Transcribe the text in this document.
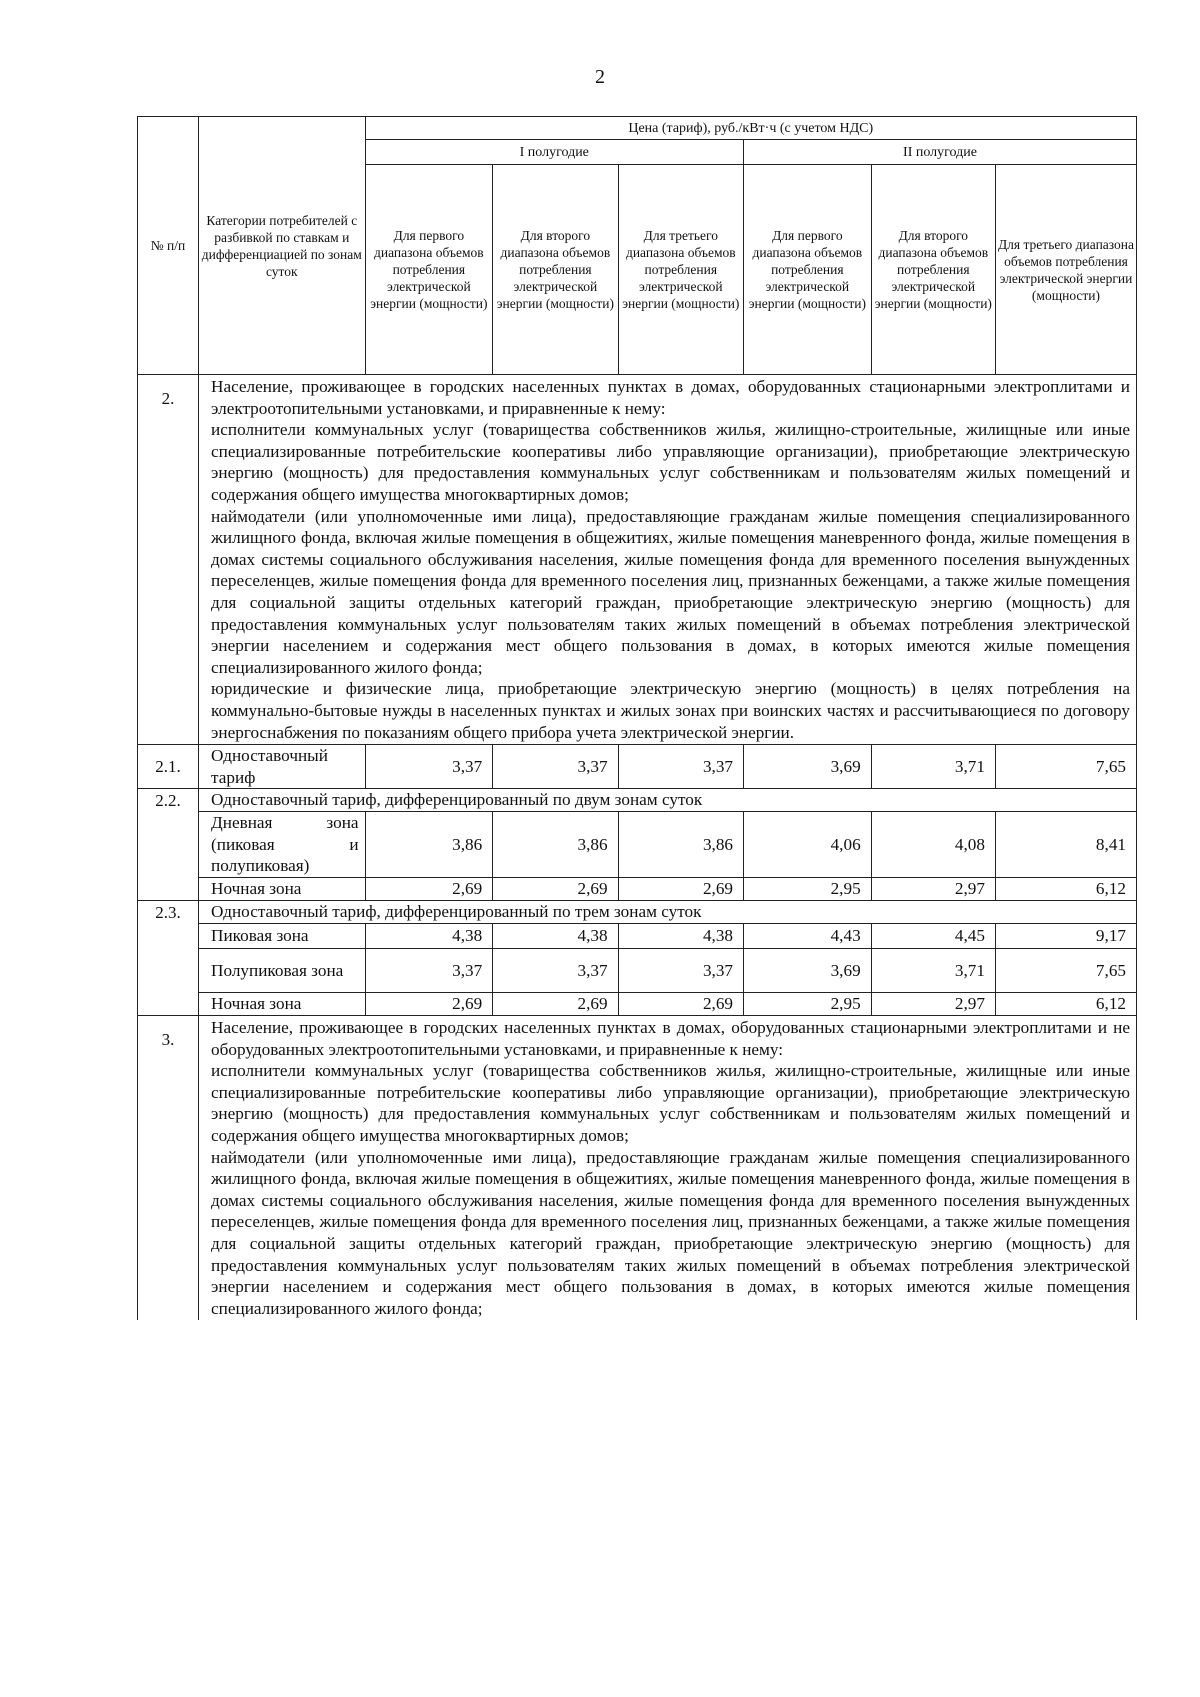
2
№ п/п	Категории потребителей с разбивкой по ставкам и дифференциацией по зонам суток	Цена (тариф), руб./кВт·ч (с учетом НДС)					
		I полугодие			II полугодие		
		Для первого диапазона объемов потребления электрической энергии (мощности)	Для второго диапазона объемов потребления электрической энергии (мощности)	Для третьего диапазона объемов потребления электрической энергии (мощности)	Для первого диапазона объемов потребления электрической энергии (мощности)	Для второго диапазона объемов потребления электрической энергии (мощности)	Для третьего диапазона объемов потребления электрической энергии (мощности)
2.	Население, проживающее в городских населенных пунктах в домах, оборудованных стационарными электроплитами и электроотопительными установками, и приравненные к нему:

исполнители коммунальных услуг (товарищества собственников жилья, жилищно-строительные, жилищные или иные специализированные потребительские кооперативы либо управляющие организации), приобретающие электрическую энергию (мощность) для предоставления коммунальных услуг собственникам и пользователям жилых помещений и содержания общего имущества многоквартирных домов;

наймодатели (или уполномоченные ими лица), предоставляющие гражданам жилые помещения специализированного жилищного фонда, включая жилые помещения в общежитиях, жилые помещения маневренного фонда, жилые помещения в домах системы социального обслуживания населения, жилые помещения фонда для временного поселения вынужденных переселенцев, жилые помещения фонда для временного поселения лиц, признанных беженцами, а также жилые помещения для социальной защиты отдельных категорий граждан, приобретающие электрическую энергию (мощность) для предоставления коммунальных услуг пользователям таких жилых помещений в объемах потребления электрической энергии населением и содержания мест общего пользования в домах, в которых имеются жилые помещения специализированного жилого фонда;

юридические и физические лица, приобретающие электрическую энергию (мощность) в целях потребления на коммунально-бытовые нужды в населенных пунктах и жилых зонах при воинских частях и рассчитывающиеся по договору энергоснабжения по показаниям общего прибора учета электрической энергии.						

2.1.	Одноставочный тариф	3,37	3,37	3,37	3,69	3,71	7,65
2.2.	Одноставочный тариф, дифференцированный по двум зонам суток						
	Дневная зона (пиковая и полупиковая)	3,86	3,86	3,86	4,06	4,08	8,41
	Ночная зона	2,69	2,69	2,69	2,95	2,97	6,12
2.3.	Одноставочный тариф, дифференцированный по трем зонам суток						
	Пиковая зона	4,38	4,38	4,38	4,43	4,45	9,17
	Полупиковая зона	3,37	3,37	3,37	3,69	3,71	7,65
	Ночная зона	2,69	2,69	2,69	2,95	2,97	6,12
3.	Население, проживающее в городских населенных пунктах в домах, оборудованных стационарными электроплитами и не оборудованных электроотопительными установками, и приравненные к нему:

исполнители коммунальных услуг (товарищества собственников жилья, жилищно-строительные, жилищные или иные специализированные потребительские кооперативы либо управляющие организации), приобретающие электрическую энергию (мощность) для предоставления коммунальных услуг собственникам и пользователям жилых помещений и содержания общего имущества многоквартирных домов;

наймодатели (или уполномоченные ими лица), предоставляющие гражданам жилые помещения специализированного жилищного фонда, включая жилые помещения в общежитиях, жилые помещения маневренного фонда, жилые помещения в домах системы социального обслуживания населения, жилые помещения фонда для временного поселения вынужденных переселенцев, жилые помещения фонда для временного поселения лиц, признанных беженцами, а также жилые помещения для социальной защиты отдельных категорий граждан, приобретающие электрическую энергию (мощность) для предоставления коммунальных услуг пользователям таких жилых помещений в объемах потребления электрической энергии населением и содержания мест общего пользования в домах, в которых имеются жилые помещения специализированного жилого фонда;						
